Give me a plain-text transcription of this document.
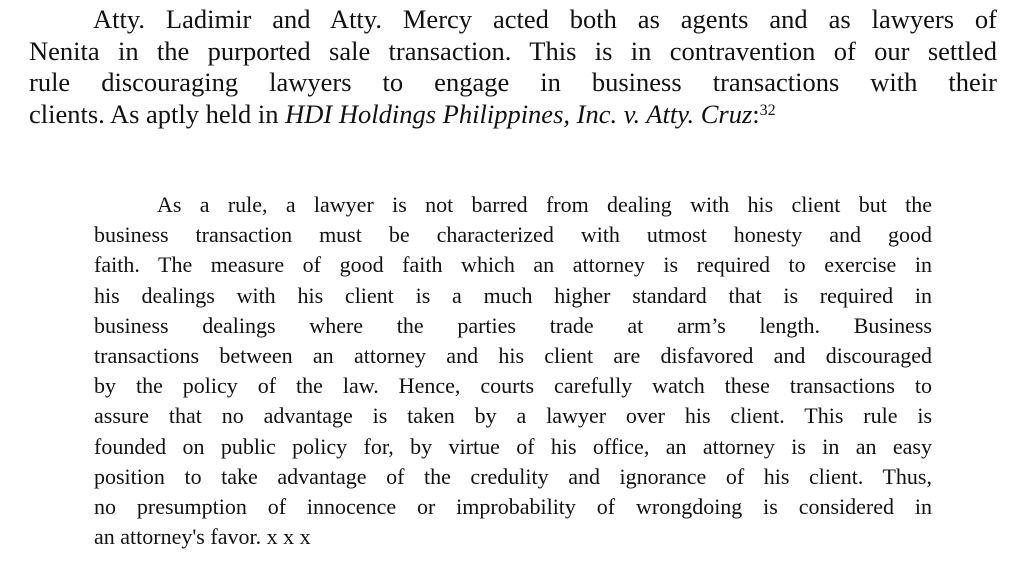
Atty. Ladimir and Atty. Mercy acted both as agents and as lawyers of
Nenita in the purported sale transaction. This is in contravention of our settled
rule discouraging lawyers to engage in business transactions with their
clients. As aptly held in HDI Holdings Philippines, Inc. v. Atty. Cruz:$^{32}$

As a rule, a lawyer is not barred from dealing with his client but the
business transaction must be characterized with utmost honesty and good
faith. The measure of good faith which an attorney is required to exercise in
his dealings with his client is a much higher standard that is required in
business dealings where the parties trade at arm’s length. Business
transactions between an attorney and his client are disfavored and discouraged
by the policy of the law. Hence, courts carefully watch these transactions to
assure that no advantage is taken by a lawyer over his client. This rule is
founded on public policy for, by virtue of his office, an attorney is in an easy
position to take advantage of the credulity and ignorance of his client. Thus,
no presumption of innocence or improbability of wrongdoing is considered in
an attorney's favor. x x x
